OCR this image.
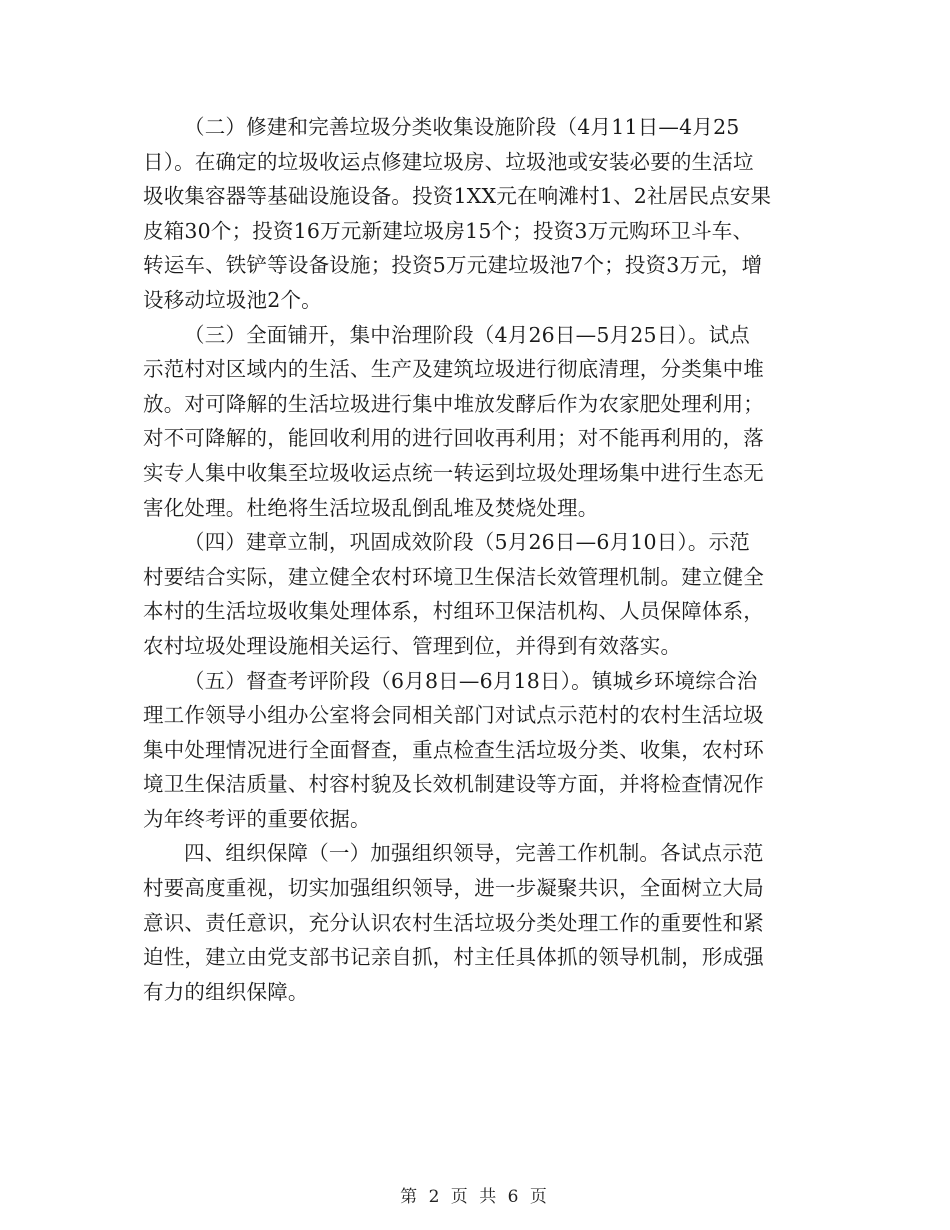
（二）修建和完善垃圾分类收集设施阶段（4月11日—4月25
日）。在确定的垃圾收运点修建垃圾房、垃圾池或安装必要的生活垃
圾收集容器等基础设施设备。投资1XX元在响滩村1、2社居民点安果
皮箱30个；投资16万元新建垃圾房15个；投资3万元购环卫斗车、
转运车、铁铲等设备设施；投资5万元建垃圾池7个；投资3万元，增
设移动垃圾池2个。
（三）全面铺开，集中治理阶段（4月26日—5月25日）。试点
示范村对区域内的生活、生产及建筑垃圾进行彻底清理，分类集中堆
放。对可降解的生活垃圾进行集中堆放发酵后作为农家肥处理利用；
对不可降解的，能回收利用的进行回收再利用；对不能再利用的，落
实专人集中收集至垃圾收运点统一转运到垃圾处理场集中进行生态无
害化处理。杜绝将生活垃圾乱倒乱堆及焚烧处理。
（四）建章立制，巩固成效阶段（5月26日—6月10日）。示范
村要结合实际，建立健全农村环境卫生保洁长效管理机制。建立健全
本村的生活垃圾收集处理体系，村组环卫保洁机构、人员保障体系，
农村垃圾处理设施相关运行、管理到位，并得到有效落实。
（五）督查考评阶段（6月8日—6月18日）。镇城乡环境综合治
理工作领导小组办公室将会同相关部门对试点示范村的农村生活垃圾
集中处理情况进行全面督查，重点检查生活垃圾分类、收集，农村环
境卫生保洁质量、村容村貌及长效机制建设等方面，并将检查情况作
为年终考评的重要依据。
四、组织保障（一）加强组织领导，完善工作机制。各试点示范
村要高度重视，切实加强组织领导，进一步凝聚共识，全面树立大局
意识、责任意识，充分认识农村生活垃圾分类处理工作的重要性和紧
迫性，建立由党支部书记亲自抓，村主任具体抓的领导机制，形成强
有力的组织保障。
第 2 页 共 6 页
